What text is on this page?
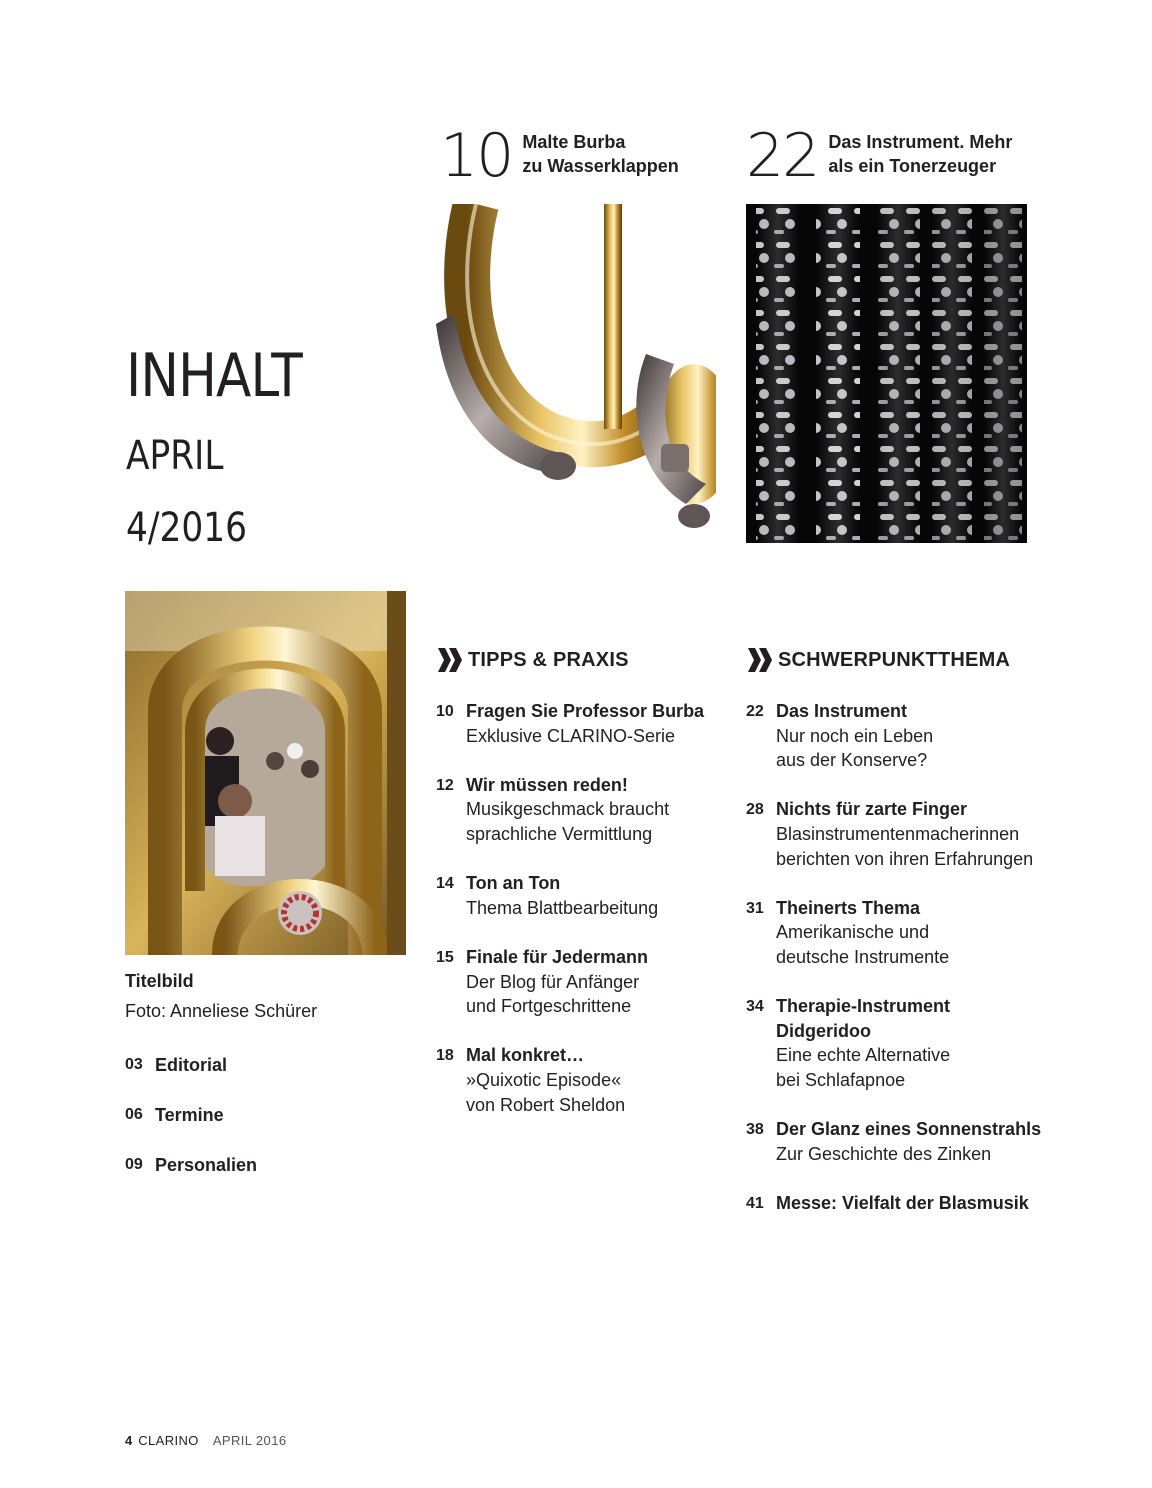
10 Malte Burba
zu Wasserklappen 22 Das Instrument. Mehr
als ein Tonerzeuger
INHALT
APRIL
4/2016
Titelbild
Foto: Anneliese Schürer
03 Editorial
06 Termine
09 Personalien
TIPPS & PRAXIS	SCHWERPUNKTTHEMA
10 Fragen Sie Professor Burba
Exklusive CLARINO-Serie
12 Wir müssen reden!
Musikgeschmack braucht
sprachliche Vermittlung
14 Ton an Ton
Thema Blattbearbeitung
15 Finale für Jedermann
Der Blog für Anfänger
und Fortgeschrittene
18 Mal konkret…
»Quixotic Episode«
von Robert Sheldon
22 Das Instrument
Nur noch ein Leben
aus der Konserve?
28 Nichts für zarte Finger
Blasinstrumentenmacherinnen
berichten von ihren Erfahrungen
31 Theinerts Thema
Amerikanische und
deutsche Instrumente
34 Therapie-Instrument
Didgeridoo
Eine echte Alternative
bei Schlafapnoe
38 Der Glanz eines Sonnenstrahls
Zur Geschichte des Zinken
41 Messe: Vielfalt der Blasmusik
4 CLARINO APRIL 2016
